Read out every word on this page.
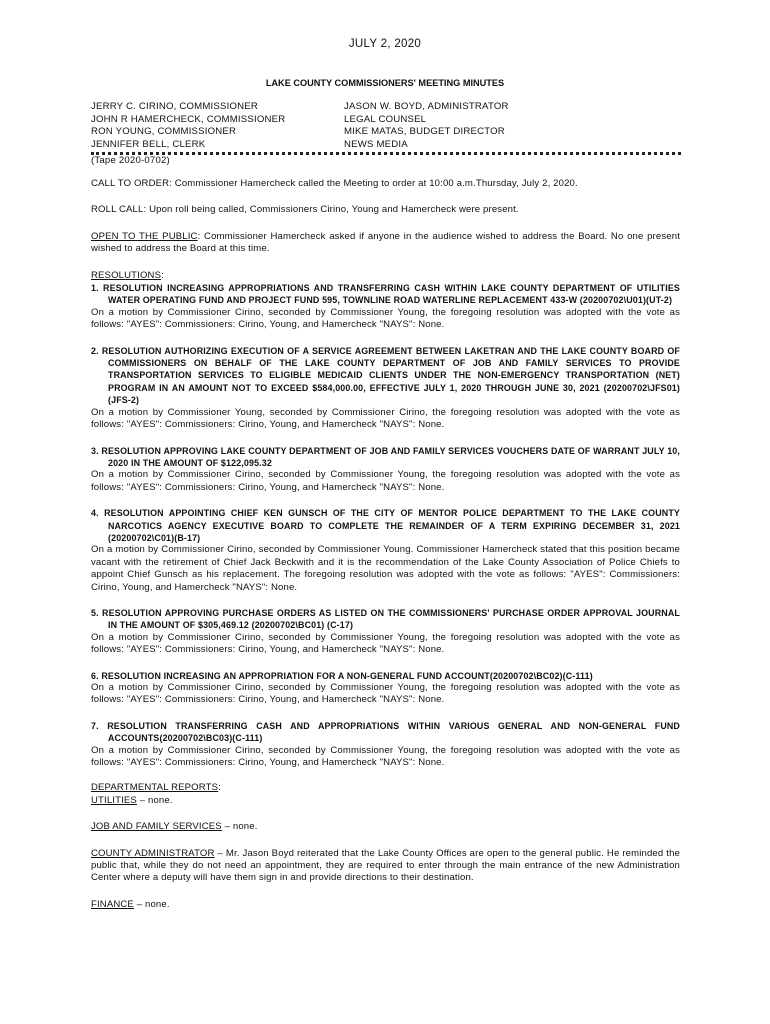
JULY 2, 2020
LAKE COUNTY COMMISSIONERS' MEETING MINUTES
JERRY C. CIRINO, COMMISSIONER
JOHN R HAMERCHECK, COMMISSIONER
RON YOUNG, COMMISSIONER
JENNIFER BELL, CLERK
JASON W. BOYD, ADMINISTRATOR
LEGAL COUNSEL
MIKE MATAS, BUDGET DIRECTOR
NEWS MEDIA
(Tape 2020-0702)

CALL TO ORDER: Commissioner Hamercheck called the Meeting to order at 10:00 a.m.Thursday, July 2, 2020.

ROLL CALL: Upon roll being called, Commissioners Cirino, Young and Hamercheck were present.

OPEN TO THE PUBLIC: Commissioner Hamercheck asked if anyone in the audience wished to address the Board. No one present wished to address the Board at this time.

RESOLUTIONS:

1. RESOLUTION INCREASING APPROPRIATIONS AND TRANSFERRING CASH WITHIN LAKE COUNTY DEPARTMENT OF UTILITIES WATER OPERATING FUND AND PROJECT FUND 595, TOWNLINE ROAD WATERLINE REPLACEMENT 433-W (20200702\U01)(UT-2)
On a motion by Commissioner Cirino, seconded by Commissioner Young, the foregoing resolution was adopted with the vote as follows: "AYES": Commissioners: Cirino, Young, and Hamercheck "NAYS": None.
2. RESOLUTION AUTHORIZING EXECUTION OF A SERVICE AGREEMENT BETWEEN LAKETRAN AND THE LAKE COUNTY BOARD OF COMMISSIONERS ON BEHALF OF THE LAKE COUNTY DEPARTMENT OF JOB AND FAMILY SERVICES TO PROVIDE TRANSPORTATION SERVICES TO ELIGIBLE MEDICAID CLIENTS UNDER THE NON-EMERGENCY TRANSPORTATION (NET) PROGRAM IN AN AMOUNT NOT TO EXCEED $584,000.00, EFFECTIVE JULY 1, 2020 THROUGH JUNE 30, 2021 (20200702\JFS01)(JFS-2)
On a motion by Commissioner Young, seconded by Commissioner Cirino, the foregoing resolution was adopted with the vote as follows: "AYES": Commissioners: Cirino, Young, and Hamercheck "NAYS": None.
3. RESOLUTION APPROVING LAKE COUNTY DEPARTMENT OF JOB AND FAMILY SERVICES VOUCHERS DATE OF WARRANT JULY 10, 2020 IN THE AMOUNT OF $122,095.32
On a motion by Commissioner Cirino, seconded by Commissioner Young, the foregoing resolution was adopted with the vote as follows: "AYES": Commissioners: Cirino, Young, and Hamercheck "NAYS": None.
4. RESOLUTION APPOINTING CHIEF KEN GUNSCH OF THE CITY OF MENTOR POLICE DEPARTMENT TO THE LAKE COUNTY NARCOTICS AGENCY EXECUTIVE BOARD TO COMPLETE THE REMAINDER OF A TERM EXPIRING DECEMBER 31, 2021 (20200702\C01)(B-17)
On a motion by Commissioner Cirino, seconded by Commissioner Young. Commissioner Hamercheck stated that this position became vacant with the retirement of Chief Jack Beckwith and it is the recommendation of the Lake County Association of Police Chiefs to appoint Chief Gunsch as his replacement. The foregoing resolution was adopted with the vote as follows: "AYES": Commissioners: Cirino, Young, and Hamercheck "NAYS": None.
5. RESOLUTION APPROVING PURCHASE ORDERS AS LISTED ON THE COMMISSIONERS' PURCHASE ORDER APPROVAL JOURNAL IN THE AMOUNT OF $305,469.12 (20200702\BC01) (C-17)
On a motion by Commissioner Cirino, seconded by Commissioner Young, the foregoing resolution was adopted with the vote as follows: "AYES": Commissioners: Cirino, Young, and Hamercheck "NAYS": None.
6. RESOLUTION INCREASING AN APPROPRIATION FOR A NON-GENERAL FUND ACCOUNT(20200702\BC02)(C-111)
On a motion by Commissioner Cirino, seconded by Commissioner Young, the foregoing resolution was adopted with the vote as follows: "AYES": Commissioners: Cirino, Young, and Hamercheck "NAYS": None.
7. RESOLUTION TRANSFERRING CASH AND APPROPRIATIONS WITHIN VARIOUS GENERAL AND NON-GENERAL FUND ACCOUNTS(20200702\BC03)(C-111)
On a motion by Commissioner Cirino, seconded by Commissioner Young, the foregoing resolution was adopted with the vote as follows: "AYES": Commissioners: Cirino, Young, and Hamercheck "NAYS": None.

DEPARTMENTAL REPORTS:

UTILITIES – none.

JOB AND FAMILY SERVICES – none.

COUNTY ADMINISTRATOR – Mr. Jason Boyd reiterated that the Lake County Offices are open to the general public. He reminded the public that, while they do not need an appointment, they are required to enter through the main entrance of the new Administration Center where a deputy will have them sign in and provide directions to their destination.

FINANCE – none.
